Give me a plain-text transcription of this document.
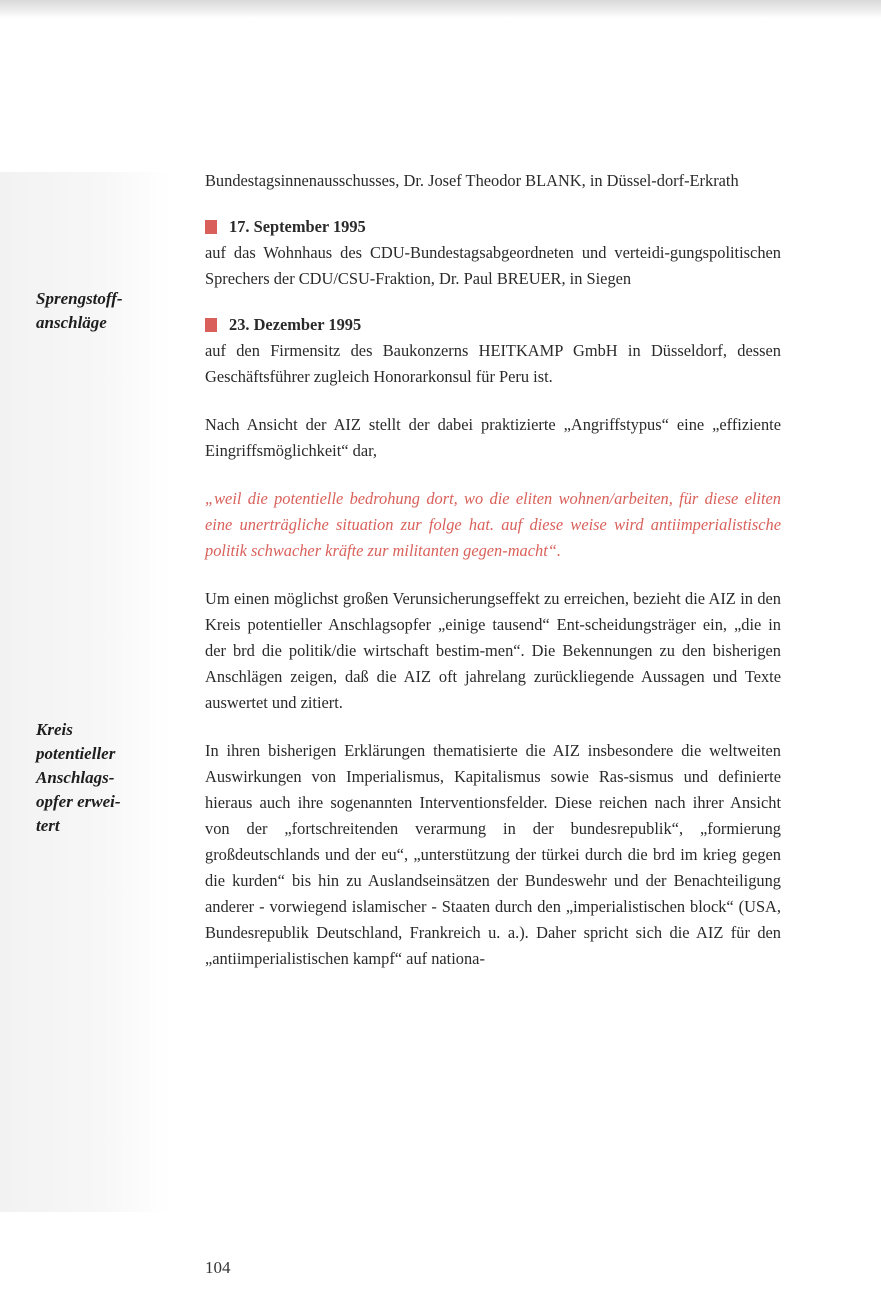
Sprengstoff-
anschläge
Kreis
potentieller
Anschlags-
opfer erwei-
tert

Bundestagsinnenausschusses, Dr. Josef Theodor BLANK, in Düssel-dorf-Erkrath

17. September 1995

auf das Wohnhaus des CDU-Bundestagsabgeordneten und verteidi-gungspolitischen Sprechers der CDU/CSU-Fraktion, Dr. Paul BREUER, in Siegen

23. Dezember 1995

auf den Firmensitz des Baukonzerns HEITKAMP GmbH in Düsseldorf, dessen Geschäftsführer zugleich Honorarkonsul für Peru ist.

Nach Ansicht der AIZ stellt der dabei praktizierte „Angriffstypus“ eine „effiziente Eingriffsmöglichkeit“ dar,

„weil die potentielle bedrohung dort, wo die eliten wohnen/arbeiten, für diese eliten eine unerträgliche situation zur folge hat. auf diese weise wird antiimperialistische politik schwacher kräfte zur militanten gegen-macht“.

Um einen möglichst großen Verunsicherungseffekt zu erreichen, bezieht die AIZ in den Kreis potentieller Anschlagsopfer „einige tausend“ Ent-scheidungsträger ein, „die in der brd die politik/die wirtschaft bestim-men“. Die Bekennungen zu den bisherigen Anschlägen zeigen, daß die AIZ oft jahrelang zurückliegende Aussagen und Texte auswertet und zitiert.

In ihren bisherigen Erklärungen thematisierte die AIZ insbesondere die weltweiten Auswirkungen von Imperialismus, Kapitalismus sowie Ras-sismus und definierte hieraus auch ihre sogenannten Interventionsfelder. Diese reichen nach ihrer Ansicht von der „fortschreitenden verarmung in der bundesrepublik“, „formierung großdeutschlands und der eu“, „unterstützung der türkei durch die brd im krieg gegen die kurden“ bis hin zu Auslandseinsätzen der Bundeswehr und der Benachteiligung anderer - vorwiegend islamischer - Staaten durch den „imperialistischen block“ (USA, Bundesrepublik Deutschland, Frankreich u. a.). Daher spricht sich die AIZ für den „antiimperialistischen kampf“ auf nationa-

104
